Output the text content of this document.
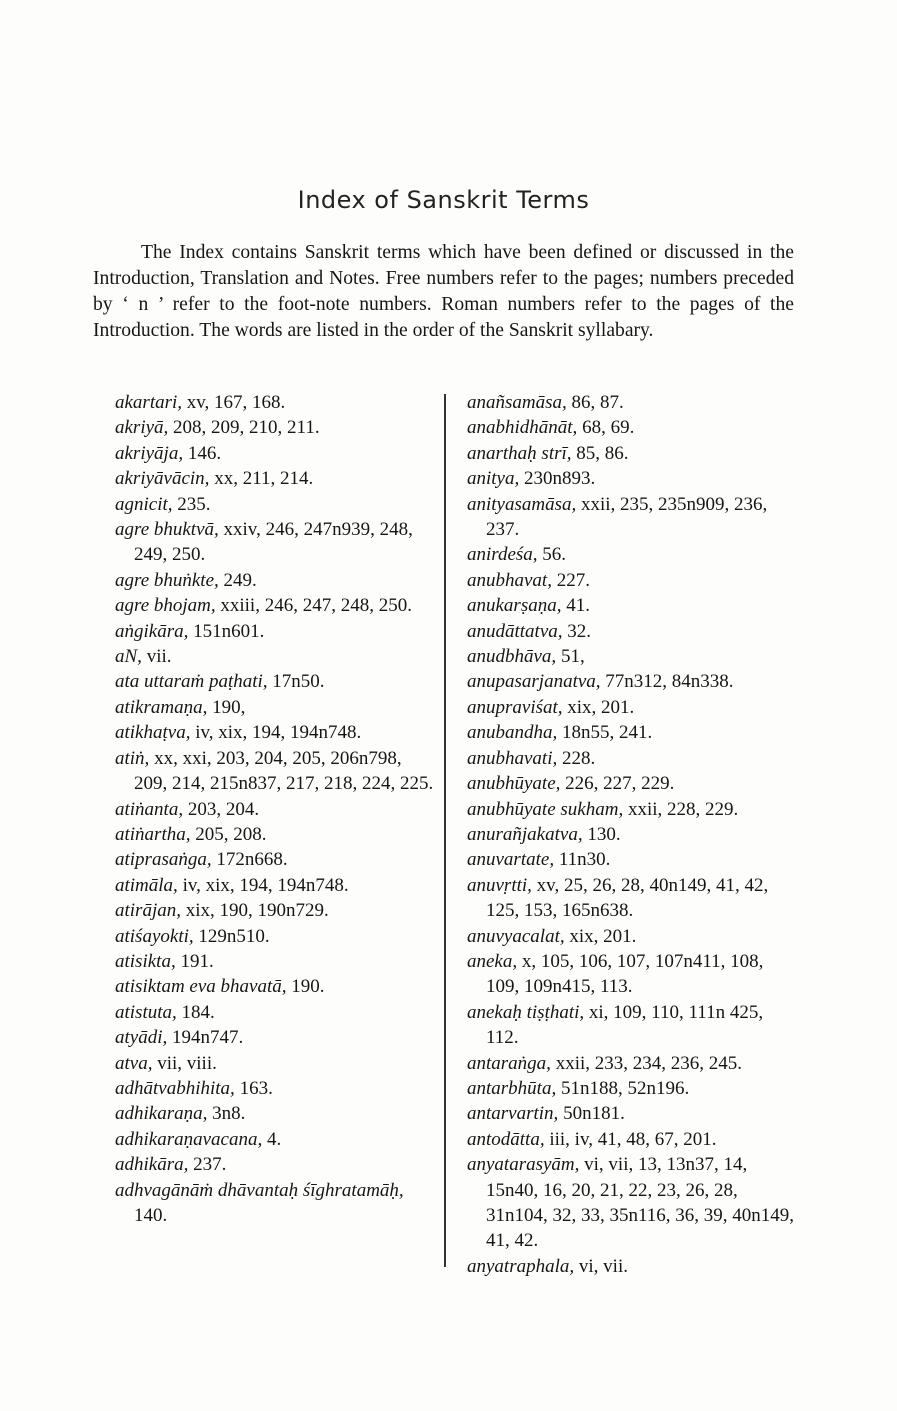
Index of Sanskrit Terms
The Index contains Sanskrit terms which have been defined or discussed in the Introduction, Translation and Notes. Free numbers refer to the pages; numbers preceded by ‘ n ’ refer to the foot-note numbers. Roman numbers refer to the pages of the Introduction. The words are listed in the order of the Sanskrit syllabary.
akartari, xv, 167, 168.
akriyā, 208, 209, 210, 211.
akriyāja, 146.
akriyāvācin, xx, 211, 214.
agnicit, 235.
agre bhuktvā, xxiv, 246, 247n939, 248, 249, 250.
agre bhuṅkte, 249.
agre bhojam, xxiii, 246, 247, 248, 250.
aṅgikāra, 151n601.
aN, vii.
ata uttaraṁ paṭhati, 17n50.
atikramaṇa, 190,
atikhaṭva, iv, xix, 194, 194n748.
atiṅ, xx, xxi, 203, 204, 205, 206n798, 209, 214, 215n837, 217, 218, 224, 225.
atiṅanta, 203, 204.
atiṅartha, 205, 208.
atiprasaṅga, 172n668.
atimāla, iv, xix, 194, 194n748.
atirājan, xix, 190, 190n729.
atiśayokti, 129n510.
atisikta, 191.
atisiktam eva bhavatā, 190.
atistuta, 184.
atyādi, 194n747.
atva, vii, viii.
adhātvabhihita, 163.
adhikaraṇa, 3n8.
adhikaraṇavacana, 4.
adhikāra, 237.
adhvagānāṁ dhāvantaḥ śīghratamāḥ, 140.
anañsamāsa, 86, 87.
anabhidhānāt, 68, 69.
anarthaḥ strī, 85, 86.
anitya, 230n893.
anityasamāsa, xxii, 235, 235n909, 236, 237.
anirdeśa, 56.
anubhavat, 227.
anukarṣaṇa, 41.
anudāttatva, 32.
anudbhāva, 51,
anupasarjanatva, 77n312, 84n338.
anupraviśat, xix, 201.
anubandha, 18n55, 241.
anubhavati, 228.
anubhūyate, 226, 227, 229.
anubhūyate sukham, xxii, 228, 229.
anurañjakatva, 130.
anuvartate, 11n30.
anuvṛtti, xv, 25, 26, 28, 40n149, 41, 42, 125, 153, 165n638.
anuvyacalat, xix, 201.
aneka, x, 105, 106, 107, 107n411, 108, 109, 109n415, 113.
anekaḥ tiṣṭhati, xi, 109, 110, 111n 425, 112.
antaraṅga, xxii, 233, 234, 236, 245.
antarbhūta, 51n188, 52n196.
antarvartin, 50n181.
antodātta, iii, iv, 41, 48, 67, 201.
anyatarasyām, vi, vii, 13, 13n37, 14, 15n40, 16, 20, 21, 22, 23, 26, 28, 31n104, 32, 33, 35n116, 36, 39, 40n149, 41, 42.
anyatraphala, vi, vii.
